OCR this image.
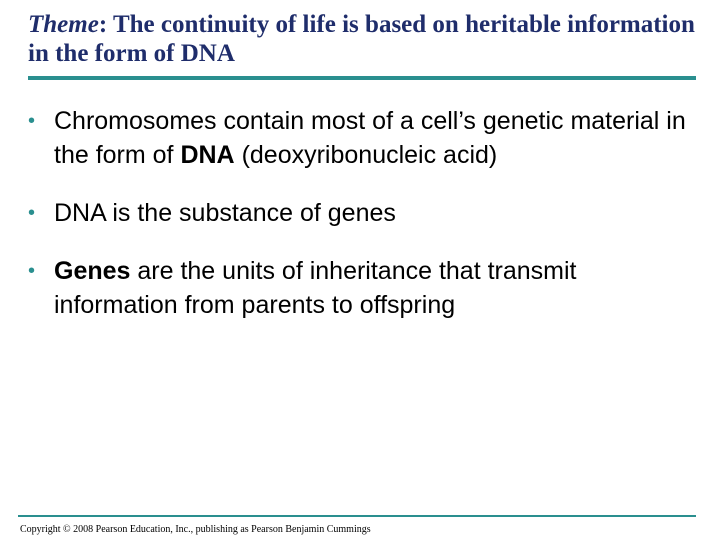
Theme: The continuity of life is based on heritable information in the form of DNA
• Chromosomes contain most of a cell’s genetic material in the form of DNA (deoxyribonucleic acid)
• DNA is the substance of genes
• Genes are the units of inheritance that transmit information from parents to offspring
Copyright © 2008 Pearson Education, Inc., publishing as Pearson Benjamin Cummings
